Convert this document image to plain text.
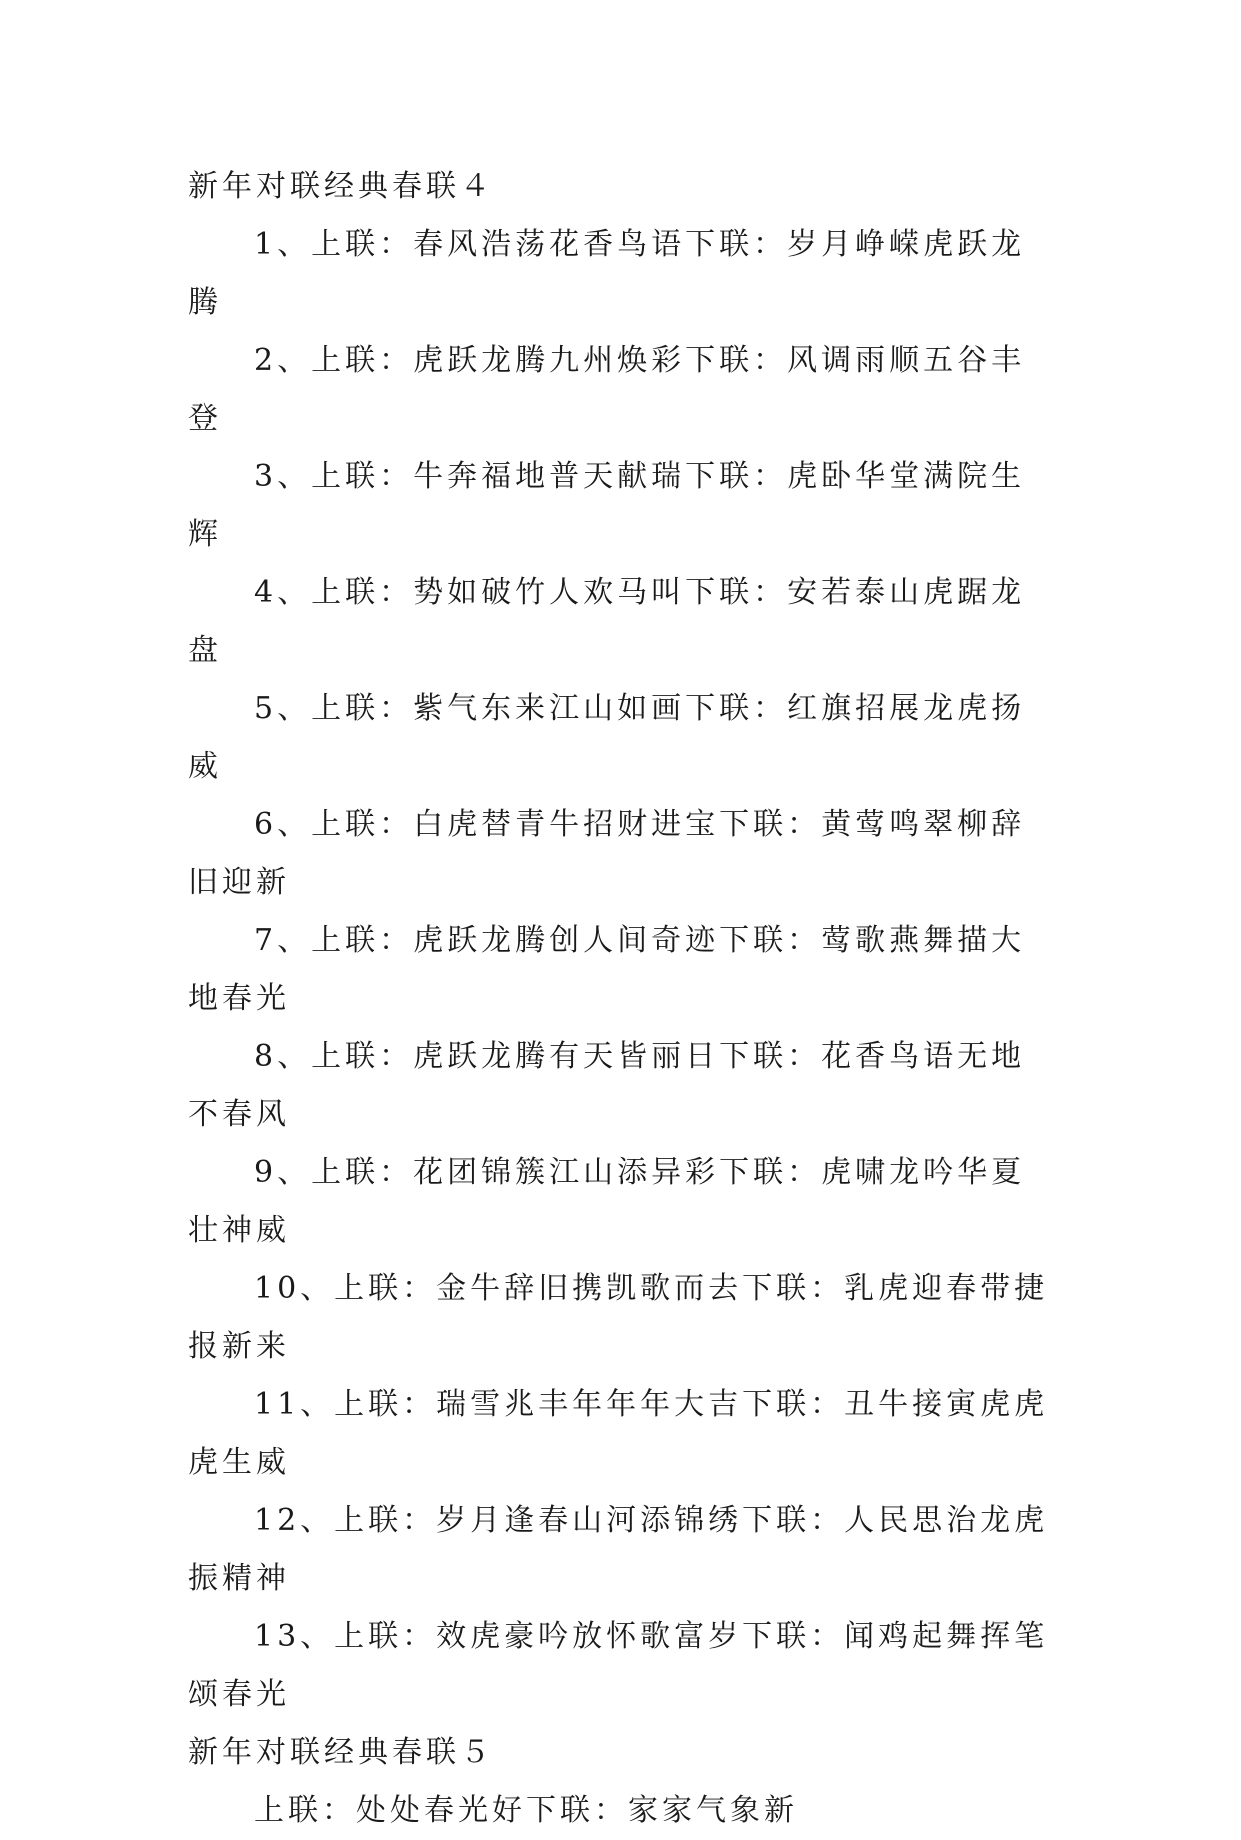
新年对联经典春联４

1、上联：春风浩荡花香鸟语下联：岁月峥嵘虎跃龙腾

2、上联：虎跃龙腾九州焕彩下联：风调雨顺五谷丰登

3、上联：牛奔福地普天献瑞下联：虎卧华堂满院生辉

4、上联：势如破竹人欢马叫下联：安若泰山虎踞龙盘

5、上联：紫气东来江山如画下联：红旗招展龙虎扬威

6、上联：白虎替青牛招财进宝下联：黄莺鸣翠柳辞旧迎新

7、上联：虎跃龙腾创人间奇迹下联：莺歌燕舞描大地春光

8、上联：虎跃龙腾有天皆丽日下联：花香鸟语无地不春风

9、上联：花团锦簇江山添异彩下联：虎啸龙吟华夏壮神威

10、上联：金牛辞旧携凯歌而去下联：乳虎迎春带捷报新来

11、上联：瑞雪兆丰年年年大吉下联：丑牛接寅虎虎虎生威

12、上联：岁月逢春山河添锦绣下联：人民思治龙虎振精神

13、上联：效虎豪吟放怀歌富岁下联：闻鸡起舞挥笔颂春光

新年对联经典春联５

上联：处处春光好下联：家家气象新
